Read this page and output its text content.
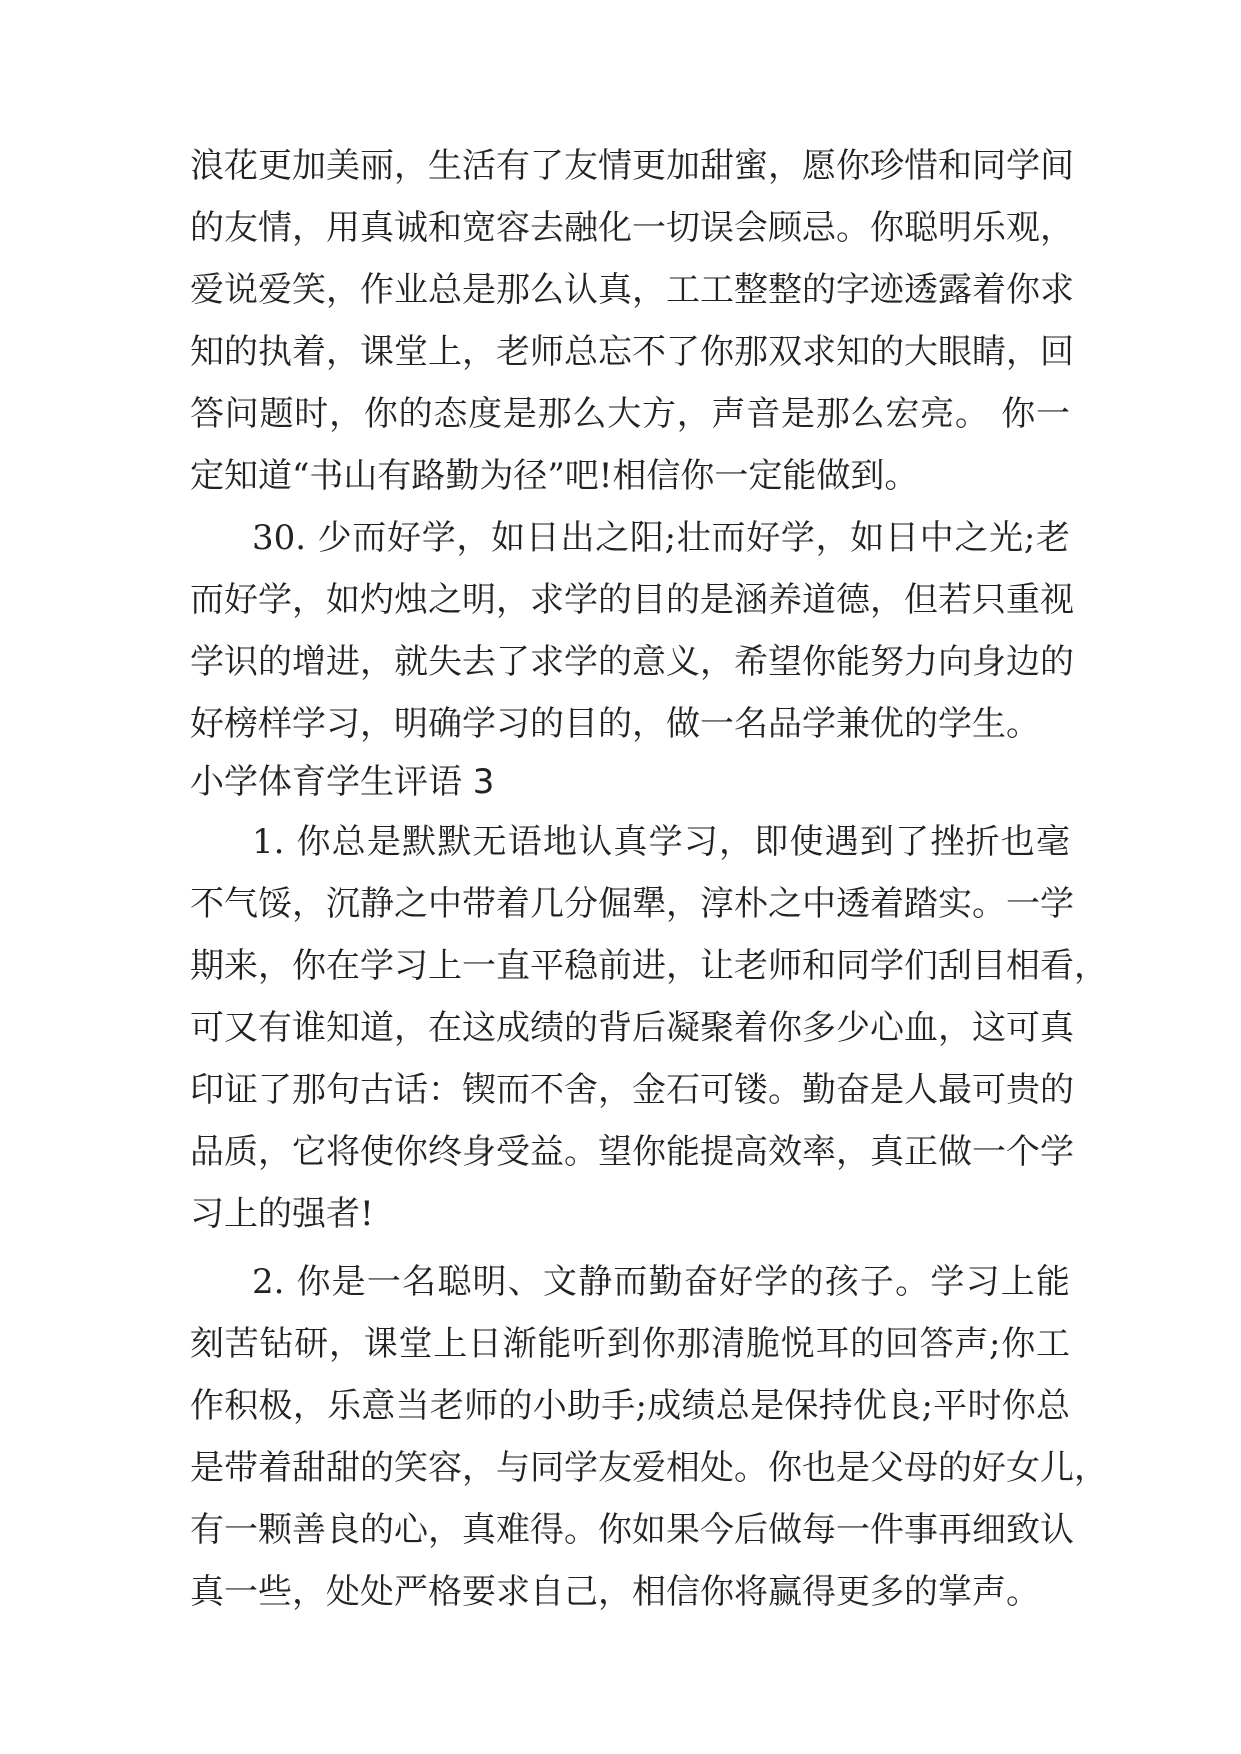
浪花更加美丽，生活有了友情更加甜蜜，愿你珍惜和同学间
的友情，用真诚和宽容去融化一切误会顾忌。你聪明乐观，
爱说爱笑，作业总是那么认真，工工整整的字迹透露着你求
知的执着，课堂上，老师总忘不了你那双求知的大眼睛，回
答问题时，你的态度是那么大方，声音是那么宏亮。 你一
定知道“书山有路勤为径”吧!相信你一定能做到。
30. 少而好学，如日出之阳;壮而好学，如日中之光;老
而好学，如灼烛之明，求学的目的是涵养道德，但若只重视
学识的增进，就失去了求学的意义，希望你能努力向身边的
好榜样学习，明确学习的目的，做一名品学兼优的学生。
小学体育学生评语 3
1. 你总是默默无语地认真学习，即使遇到了挫折也毫
不气馁，沉静之中带着几分倔犟，淳朴之中透着踏实。一学
期来，你在学习上一直平稳前进，让老师和同学们刮目相看，
可又有谁知道，在这成绩的背后凝聚着你多少心血，这可真
印证了那句古话：锲而不舍，金石可镂。勤奋是人最可贵的
品质，它将使你终身受益。望你能提高效率，真正做一个学
习上的强者!
2. 你是一名聪明、文静而勤奋好学的孩子。学习上能
刻苦钻研，课堂上日渐能听到你那清脆悦耳的回答声;你工
作积极，乐意当老师的小助手;成绩总是保持优良;平时你总
是带着甜甜的笑容，与同学友爱相处。你也是父母的好女儿，
有一颗善良的心，真难得。你如果今后做每一件事再细致认
真一些，处处严格要求自己，相信你将赢得更多的掌声。
